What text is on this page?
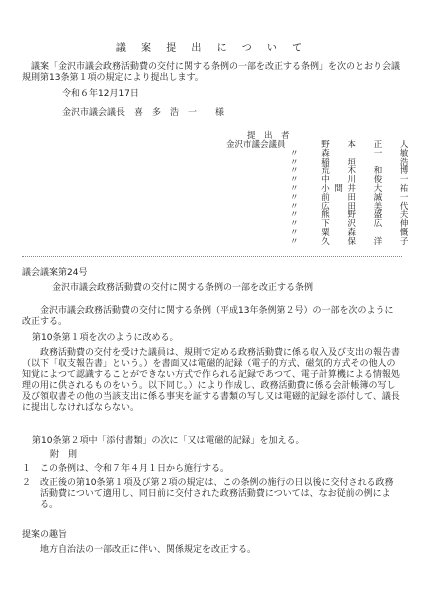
議 案 提 出 に つ い て
議案「金沢市議会政務活動費の交付に関する条例の一部を改正する条例」を次のとおり会議規則第13条第１項の規定により提出します。
令和６年12月17日
金沢市議会議長　喜　多　浩　一　　様
提　出　者
金沢市議会議員	野　本　正　人
〃	森　　　一　敏
〃	稲　垣　　　浩
〃	荒　木　和　博
〃	中　川　俊　一
〃	小間井　大　祐
〃	前　田　誠　一
〃	広　田　美　代
〃	熊　野　盛　夫
〃	下　沢　広　伸
〃	粟　森　　　慨
〃	久　保　洋　子
議会議案第24号
金沢市議会政務活動費の交付に関する条例の一部を改正する条例
金沢市議会政務活動費の交付に関する条例（平成13年条例第２号）の一部を次のように改正する。
第10条第１項を次のように改める。
政務活動費の交付を受けた議員は、規則で定める政務活動費に係る収入及び支出の報告書（以下「収支報告書」という。）を書面又は電磁的記録（電子的方式、磁気的方式その他人の知覚によつて認識することができない方式で作られる記録であつて、電子計算機による情報処理の用に供されるものをいう。以下同じ。）により作成し、政務活動費に係る会計帳簿の写し及び領収書その他の当該支出に係る事実を証する書類の写し又は電磁的記録を添付して、議長に提出しなければならない。
第10条第２項中「添付書類」の次に「又は電磁的記録」を加える。
附　則
１　この条例は、令和７年４月１日から施行する。
２　改正後の第10条第１項及び第２項の規定は、この条例の施行の日以後に交付される政務活動費について適用し、同日前に交付された政務活動費については、なお従前の例による。
提案の趣旨
地方自治法の一部改正に伴い、関係規定を改正する。
